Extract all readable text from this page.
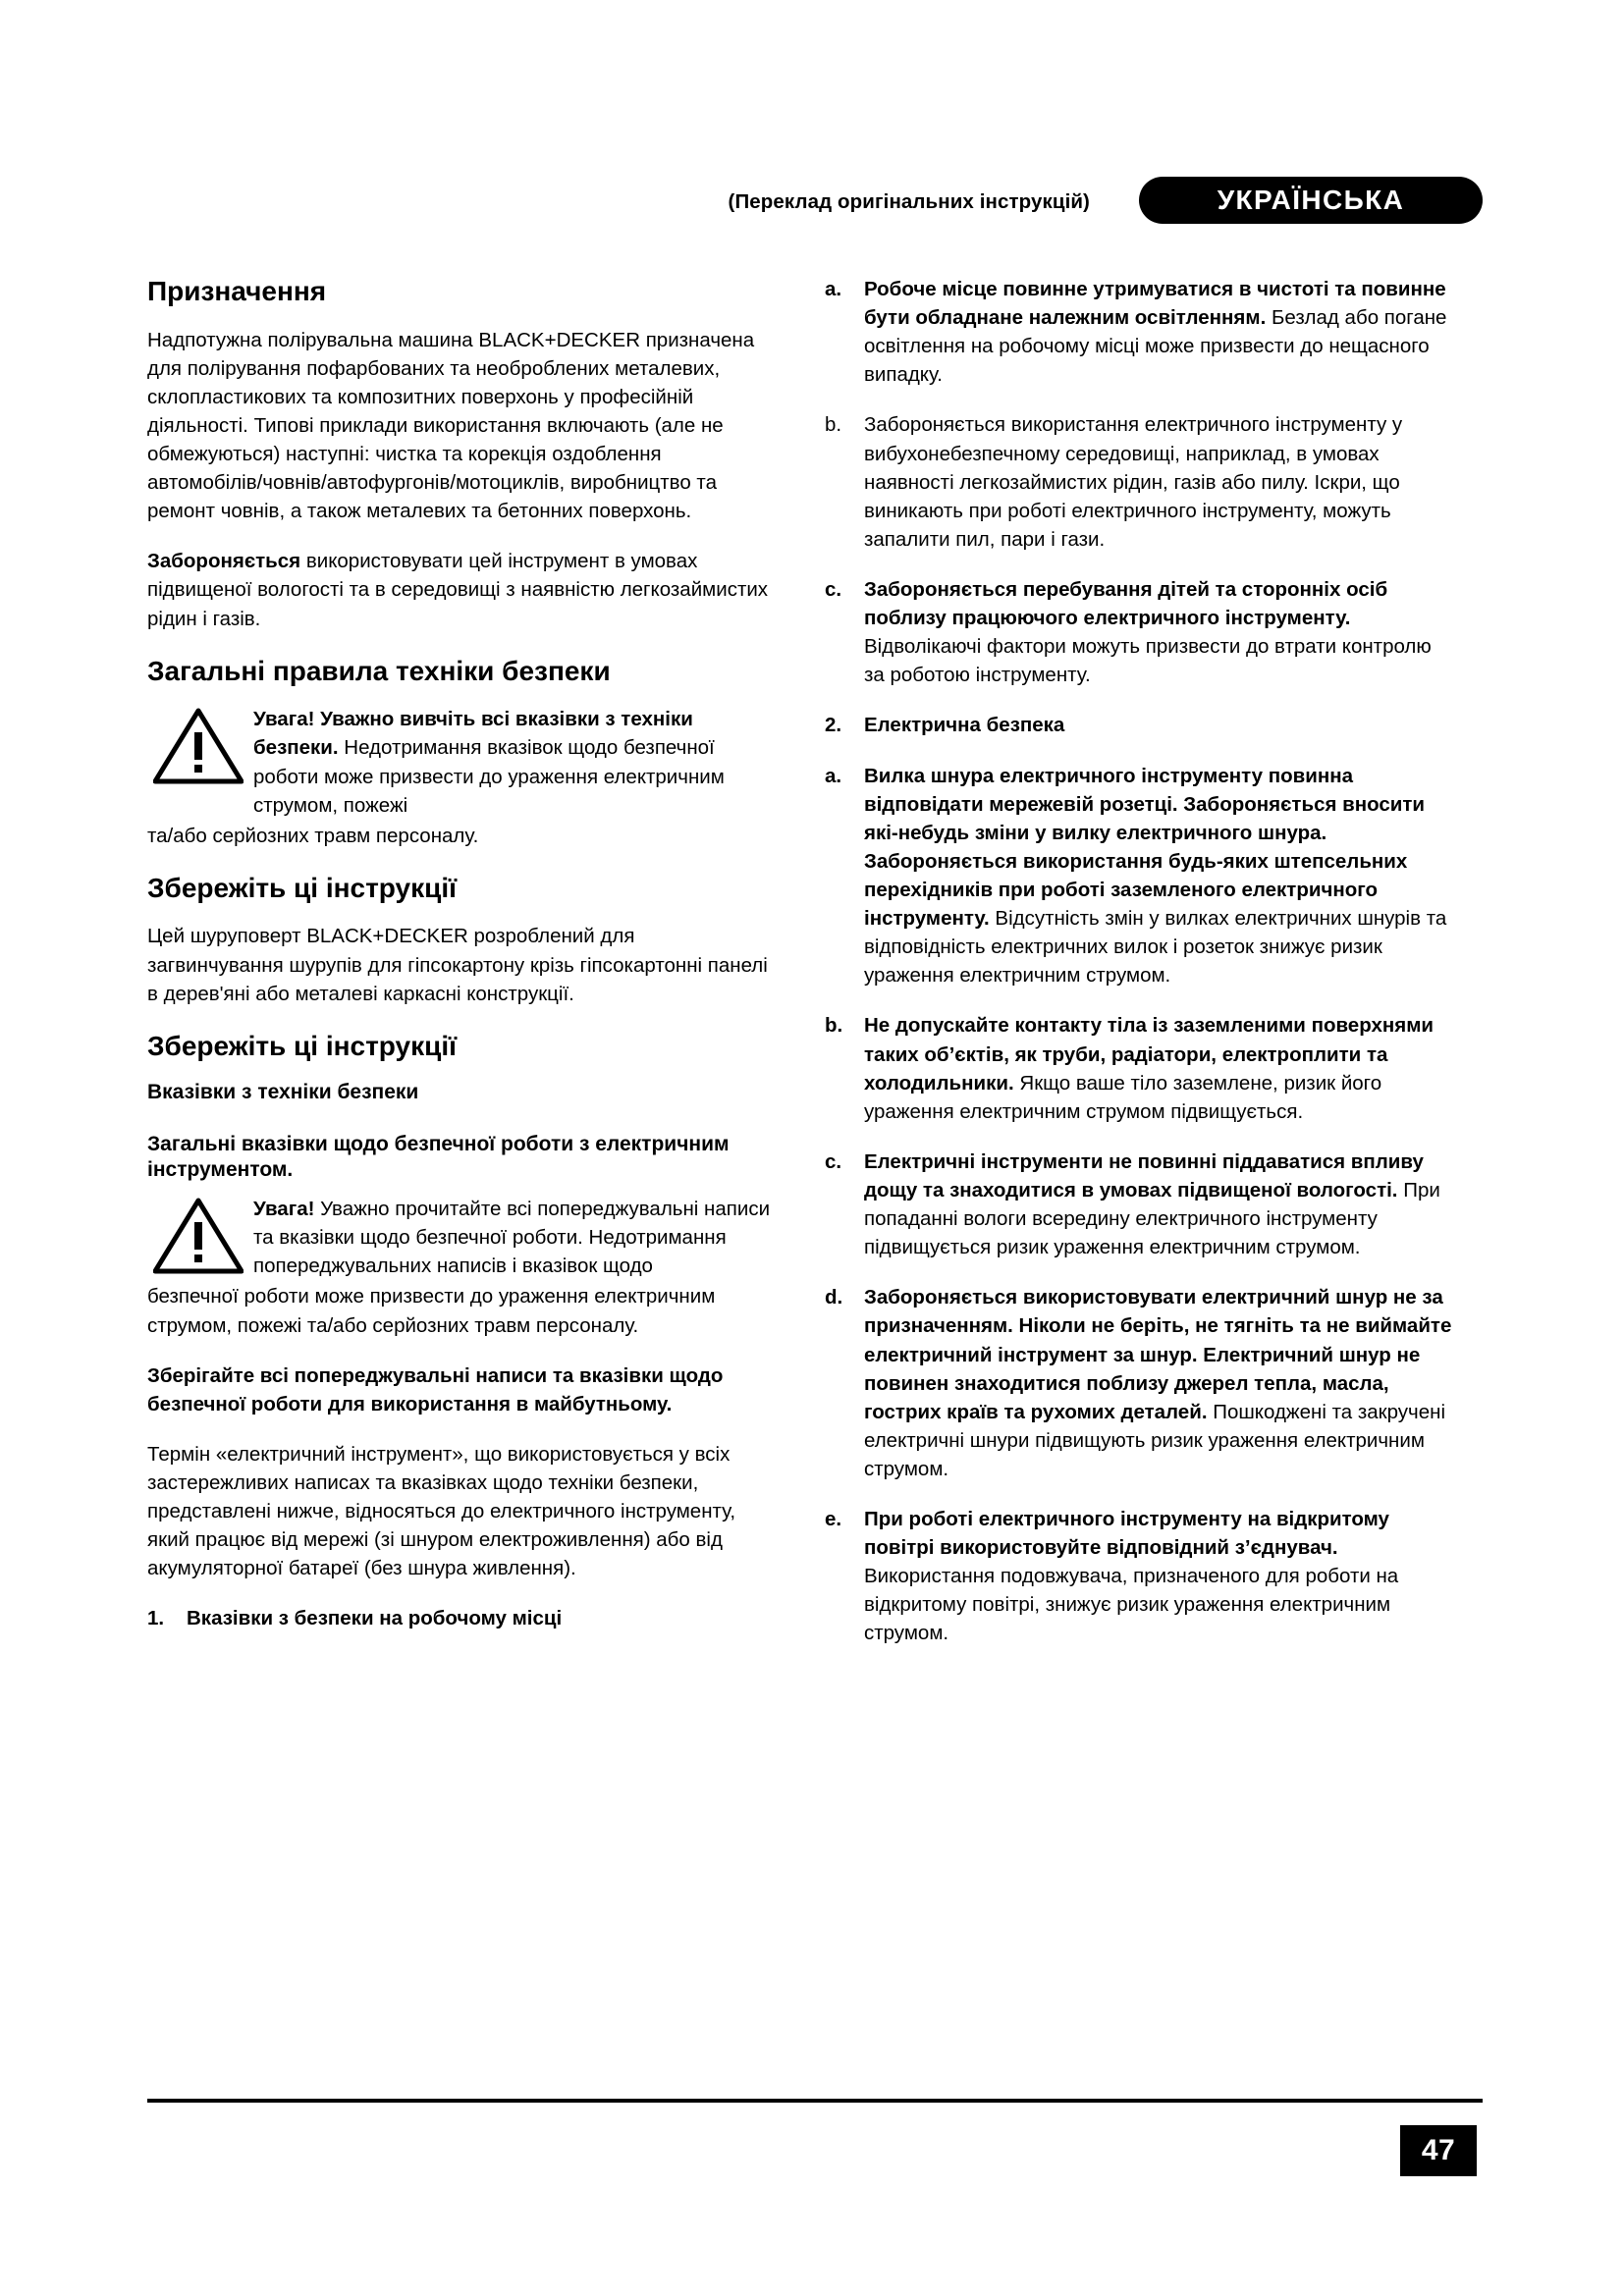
(Переклад оригінальних інструкцій)	УКРАЇНСЬКА
Призначення

Надпотужна полірувальна машина BLACK+DECKER призначена для полірування пофарбованих та необроблених металевих, склопластикових та композитних поверхонь у професійній діяльності. Типові приклади використання включають (але не обмежуються) наступні: чистка та корекція оздоблення автомобілів/човнів/автофургонів/мотоциклів, виробництво та ремонт човнів, а також металевих та бетонних поверхонь.

Забороняється використовувати цей інструмент в умовах підвищеної вологості та в середовищі з наявністю легкозаймистих рідин і газів.

Загальні правила техніки безпеки
Увага! Уважно вивчіть всі вказівки з техніки безпеки. Недотримання вказівок щодо безпечної роботи може призвести до ураження електричним струмом, пожежі
та/або серйозних травм персоналу.
Збережіть ці інструкції

Цей шуруповерт BLACK+DECKER розроблений для загвинчування шурупів для гіпсокартону крізь гіпсокартонні панелі в дерев'яні або металеві каркасні конструкції.

Збережіть ці інструкції
Вказівки з техніки безпеки
Загальні вказівки щодо безпечної роботи з електричним інструментом.
Увага! Уважно прочитайте всі попереджувальні написи та вказівки щодо безпечної роботи. Недотримання попереджувальних написів і вказівок щодо
безпечної роботи може призвести до ураження електричним струмом, пожежі та/або серйозних травм персоналу.

Зберігайте всі попереджувальні написи та вказівки щодо безпечної роботи для використання в майбутньому.

Термін «електричний інструмент», що використовується у всіх застережливих написах та вказівках щодо техніки безпеки, представлені нижче, відносяться до електричного інструменту, який працює від мережі (зі шнуром електроживлення) або від акумуляторної батареї (без шнура живлення).

1.	Вказівки з безпеки на робочому місці
a.	Робоче місце повинне утримуватися в чистоті та повинне бути обладнане належним освітленням. Безлад або погане освітлення на робочому місці може призвести до нещасного випадку.
b.	Забороняється використання електричного інструменту у вибухонебезпечному середовищі, наприклад, в умовах наявності легкозаймистих рідин, газів або пилу. Іскри, що виникають при роботі електричного інструменту, можуть запалити пил, пари і гази.
c.	Забороняється перебування дітей та сторонніх осіб поблизу працюючого електричного інструменту. Відволікаючі фактори можуть призвести до втрати контролю за роботою інструменту.
2.	Електрична безпека
a.	Вилка шнура електричного інструменту повинна відповідати мережевій розетці. Забороняється вносити які-небудь зміни у вилку електричного шнура. Забороняється використання будь-яких штепсельних перехідників при роботі заземленого електричного інструменту. Відсутність змін у вилках електричних шнурів та відповідність електричних вилок і розеток знижує ризик ураження електричним струмом.
b.	Не допускайте контакту тіла із заземленими поверхнями таких об’єктів, як труби, радіатори, електроплити та холодильники. Якщо ваше тіло заземлене, ризик його ураження електричним струмом підвищується.
c.	Електричні інструменти не повинні піддаватися впливу дощу та знаходитися в умовах підвищеної вологості. При попаданні вологи всередину електричного інструменту підвищується ризик ураження електричним струмом.
d.	Забороняється використовувати електричний шнур не за призначенням. Ніколи не беріть, не тягніть та не виймайте електричний інструмент за шнур. Електричний шнур не повинен знаходитися поблизу джерел тепла, масла, гострих країв та рухомих деталей. Пошкоджені та закручені електричні шнури підвищують ризик ураження електричним струмом.
e.	При роботі електричного інструменту на відкритому повітрі використовуйте відповідний з’єднувач. Використання подовжувача, призначеного для роботи на відкритому повітрі, знижує ризик ураження електричним струмом.
47
